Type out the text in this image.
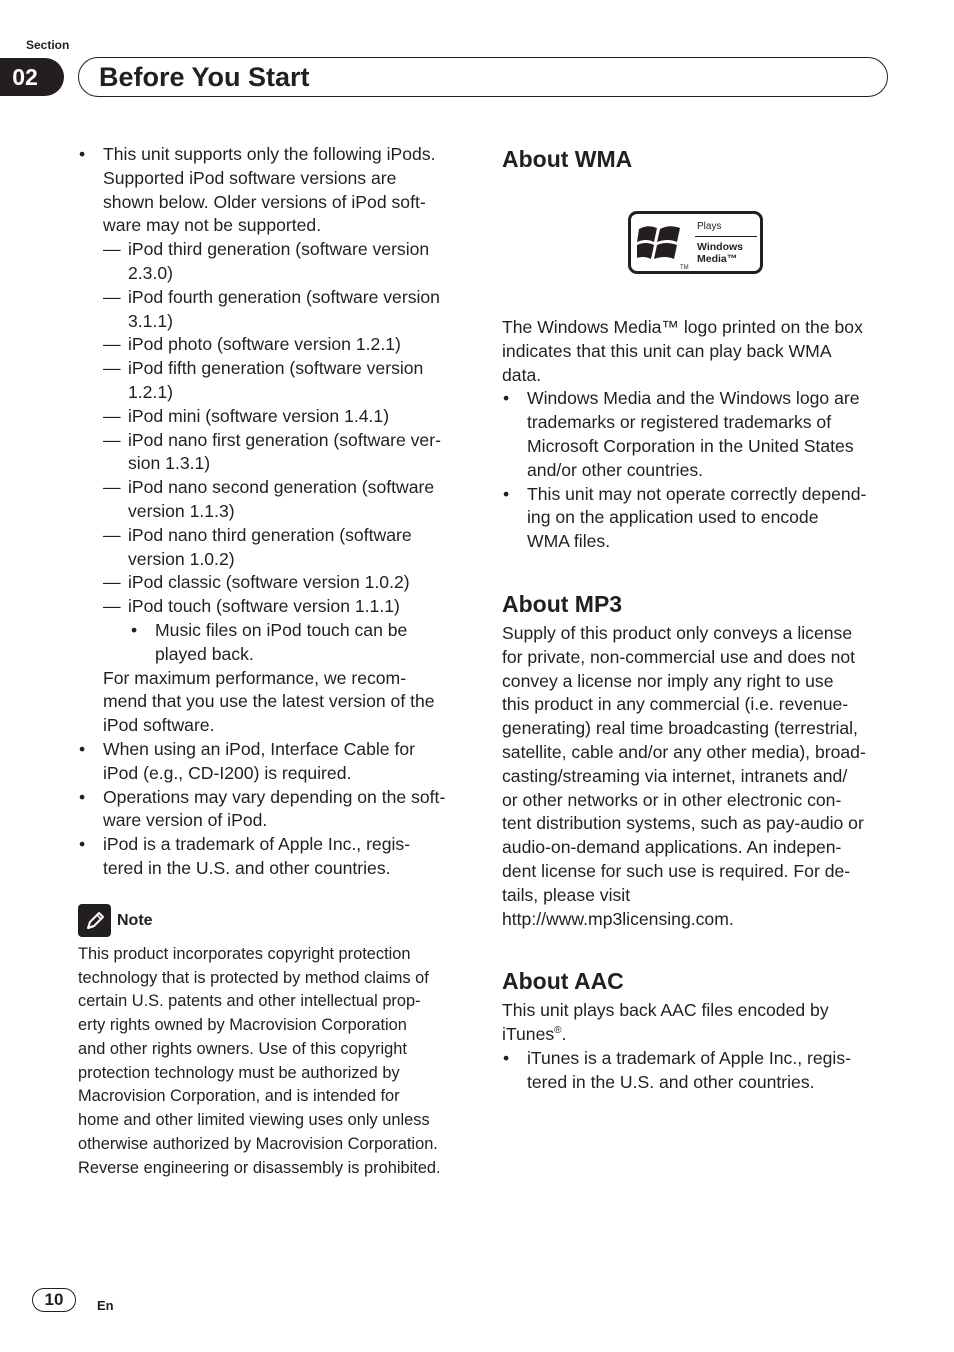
Section
02	Before You Start
• This unit supports only the following iPods.
Supported iPod software versions are
shown below. Older versions of iPod soft-
ware may not be supported.
— iPod third generation (software version
2.3.0)
— iPod fourth generation (software version
3.1.1)
— iPod photo (software version 1.2.1)
— iPod fifth generation (software version
1.2.1)
— iPod mini (software version 1.4.1)
— iPod nano first generation (software ver-
sion 1.3.1)
— iPod nano second generation (software
version 1.1.3)
— iPod nano third generation (software
version 1.0.2)
— iPod classic (software version 1.0.2)
— iPod touch (software version 1.1.1)
• Music files on iPod touch can be
played back.
For maximum performance, we recom-
mend that you use the latest version of the
iPod software.
• When using an iPod, Interface Cable for
iPod (e.g., CD-I200) is required.
• Operations may vary depending on the soft-
ware version of iPod.
• iPod is a trademark of Apple Inc., regis-
tered in the U.S. and other countries.
Note
This product incorporates copyright protection
technology that is protected by method claims of
certain U.S. patents and other intellectual prop-
erty rights owned by Macrovision Corporation
and other rights owners. Use of this copyright
protection technology must be authorized by
Macrovision Corporation, and is intended for
home and other limited viewing uses only unless
otherwise authorized by Macrovision Corporation.
Reverse engineering or disassembly is prohibited.
About WMA
TM
Plays
Windows
Media™
The Windows Media™ logo printed on the box
indicates that this unit can play back WMA
data.
• Windows Media and the Windows logo are
trademarks or registered trademarks of
Microsoft Corporation in the United States
and/or other countries.
• This unit may not operate correctly depend-
ing on the application used to encode
WMA files.
About MP3
Supply of this product only conveys a license
for private, non-commercial use and does not
convey a license nor imply any right to use
this product in any commercial (i.e. revenue-
generating) real time broadcasting (terrestrial,
satellite, cable and/or any other media), broad-
casting/streaming via internet, intranets and/
or other networks or in other electronic con-
tent distribution systems, such as pay-audio or
audio-on-demand applications. An indepen-
dent license for such use is required. For de-
tails, please visit
http://www.mp3licensing.com.
About AAC
This unit plays back AAC files encoded by
iTunes®.
• iTunes is a trademark of Apple Inc., regis-
tered in the U.S. and other countries.
10	En
